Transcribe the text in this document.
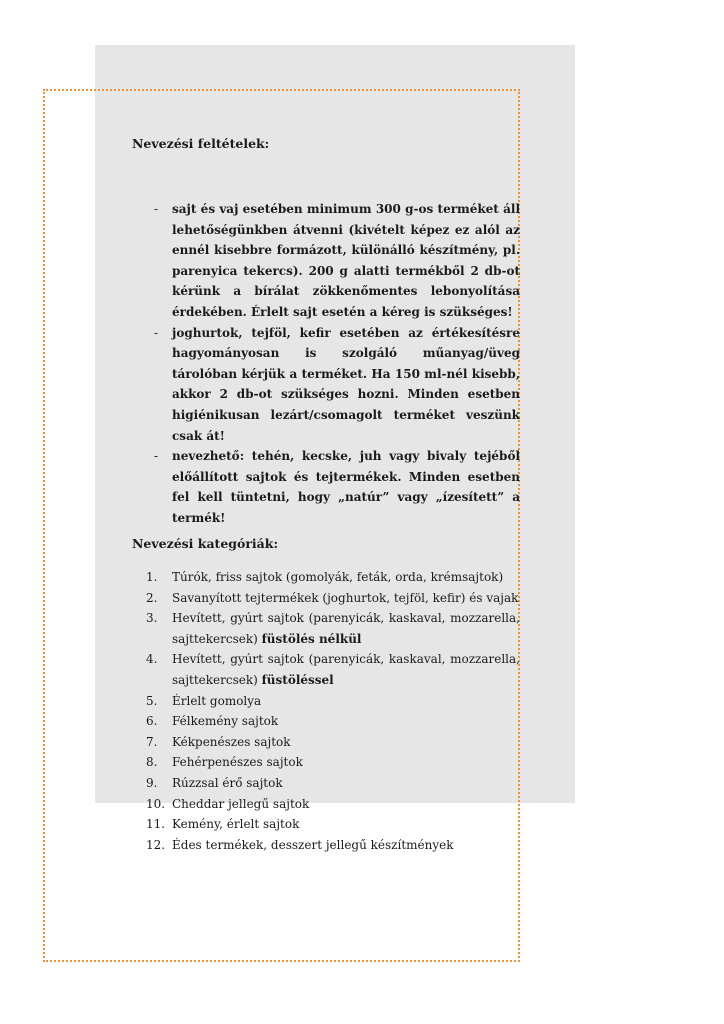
Nevezési feltételek:
- sajt és vaj esetében minimum 300 g-os terméket áll lehetőségünkben átvenni (kivételt képez ez alól az ennél kisebbre formázott, különálló készítmény, pl. parenyica tekercs). 200 g alatti termékből 2 db-ot kérünk a bírálat zökkenőmentes lebonyolítása érdekében. Érlelt sajt esetén a kéreg is szükséges!
- joghurtok, tejföl, kefir esetében az értékesítésre hagyományosan is szolgáló műanyag/üveg tárolóban kérjük a terméket. Ha 150 ml-nél kisebb, akkor 2 db-ot szükséges hozni. Minden esetben higiénikusan lezárt/csomagolt terméket veszünk csak át!
- nevezhető: tehén, kecske, juh vagy bivaly tejéből előállított sajtok és tejtermékek. Minden esetben fel kell tüntetni, hogy „natúr” vagy „ízesített” a termék!
Nevezési kategóriák:
1.	Túrók, friss sajtok (gomolyák, feták, orda, krémsajtok)
2.	Savanyított tejtermékek (joghurtok, tejföl, kefir) és vajak
3.	Hevített, gyúrt sajtok (parenyicák, kaskaval, mozzarella, sajttekercsek) füstölés nélkül
4.	Hevített, gyúrt sajtok (parenyicák, kaskaval, mozzarella, sajttekercsek) füstöléssel
5.	Érlelt gomolya
6.	Félkemény sajtok
7.	Kékpenészes sajtok
8.	Fehérpenészes sajtok
9.	Rúzzsal érő sajtok
10. Cheddar jellegű sajtok
11. Kemény, érlelt sajtok
12. Édes termékek, desszert jellegű készítmények
